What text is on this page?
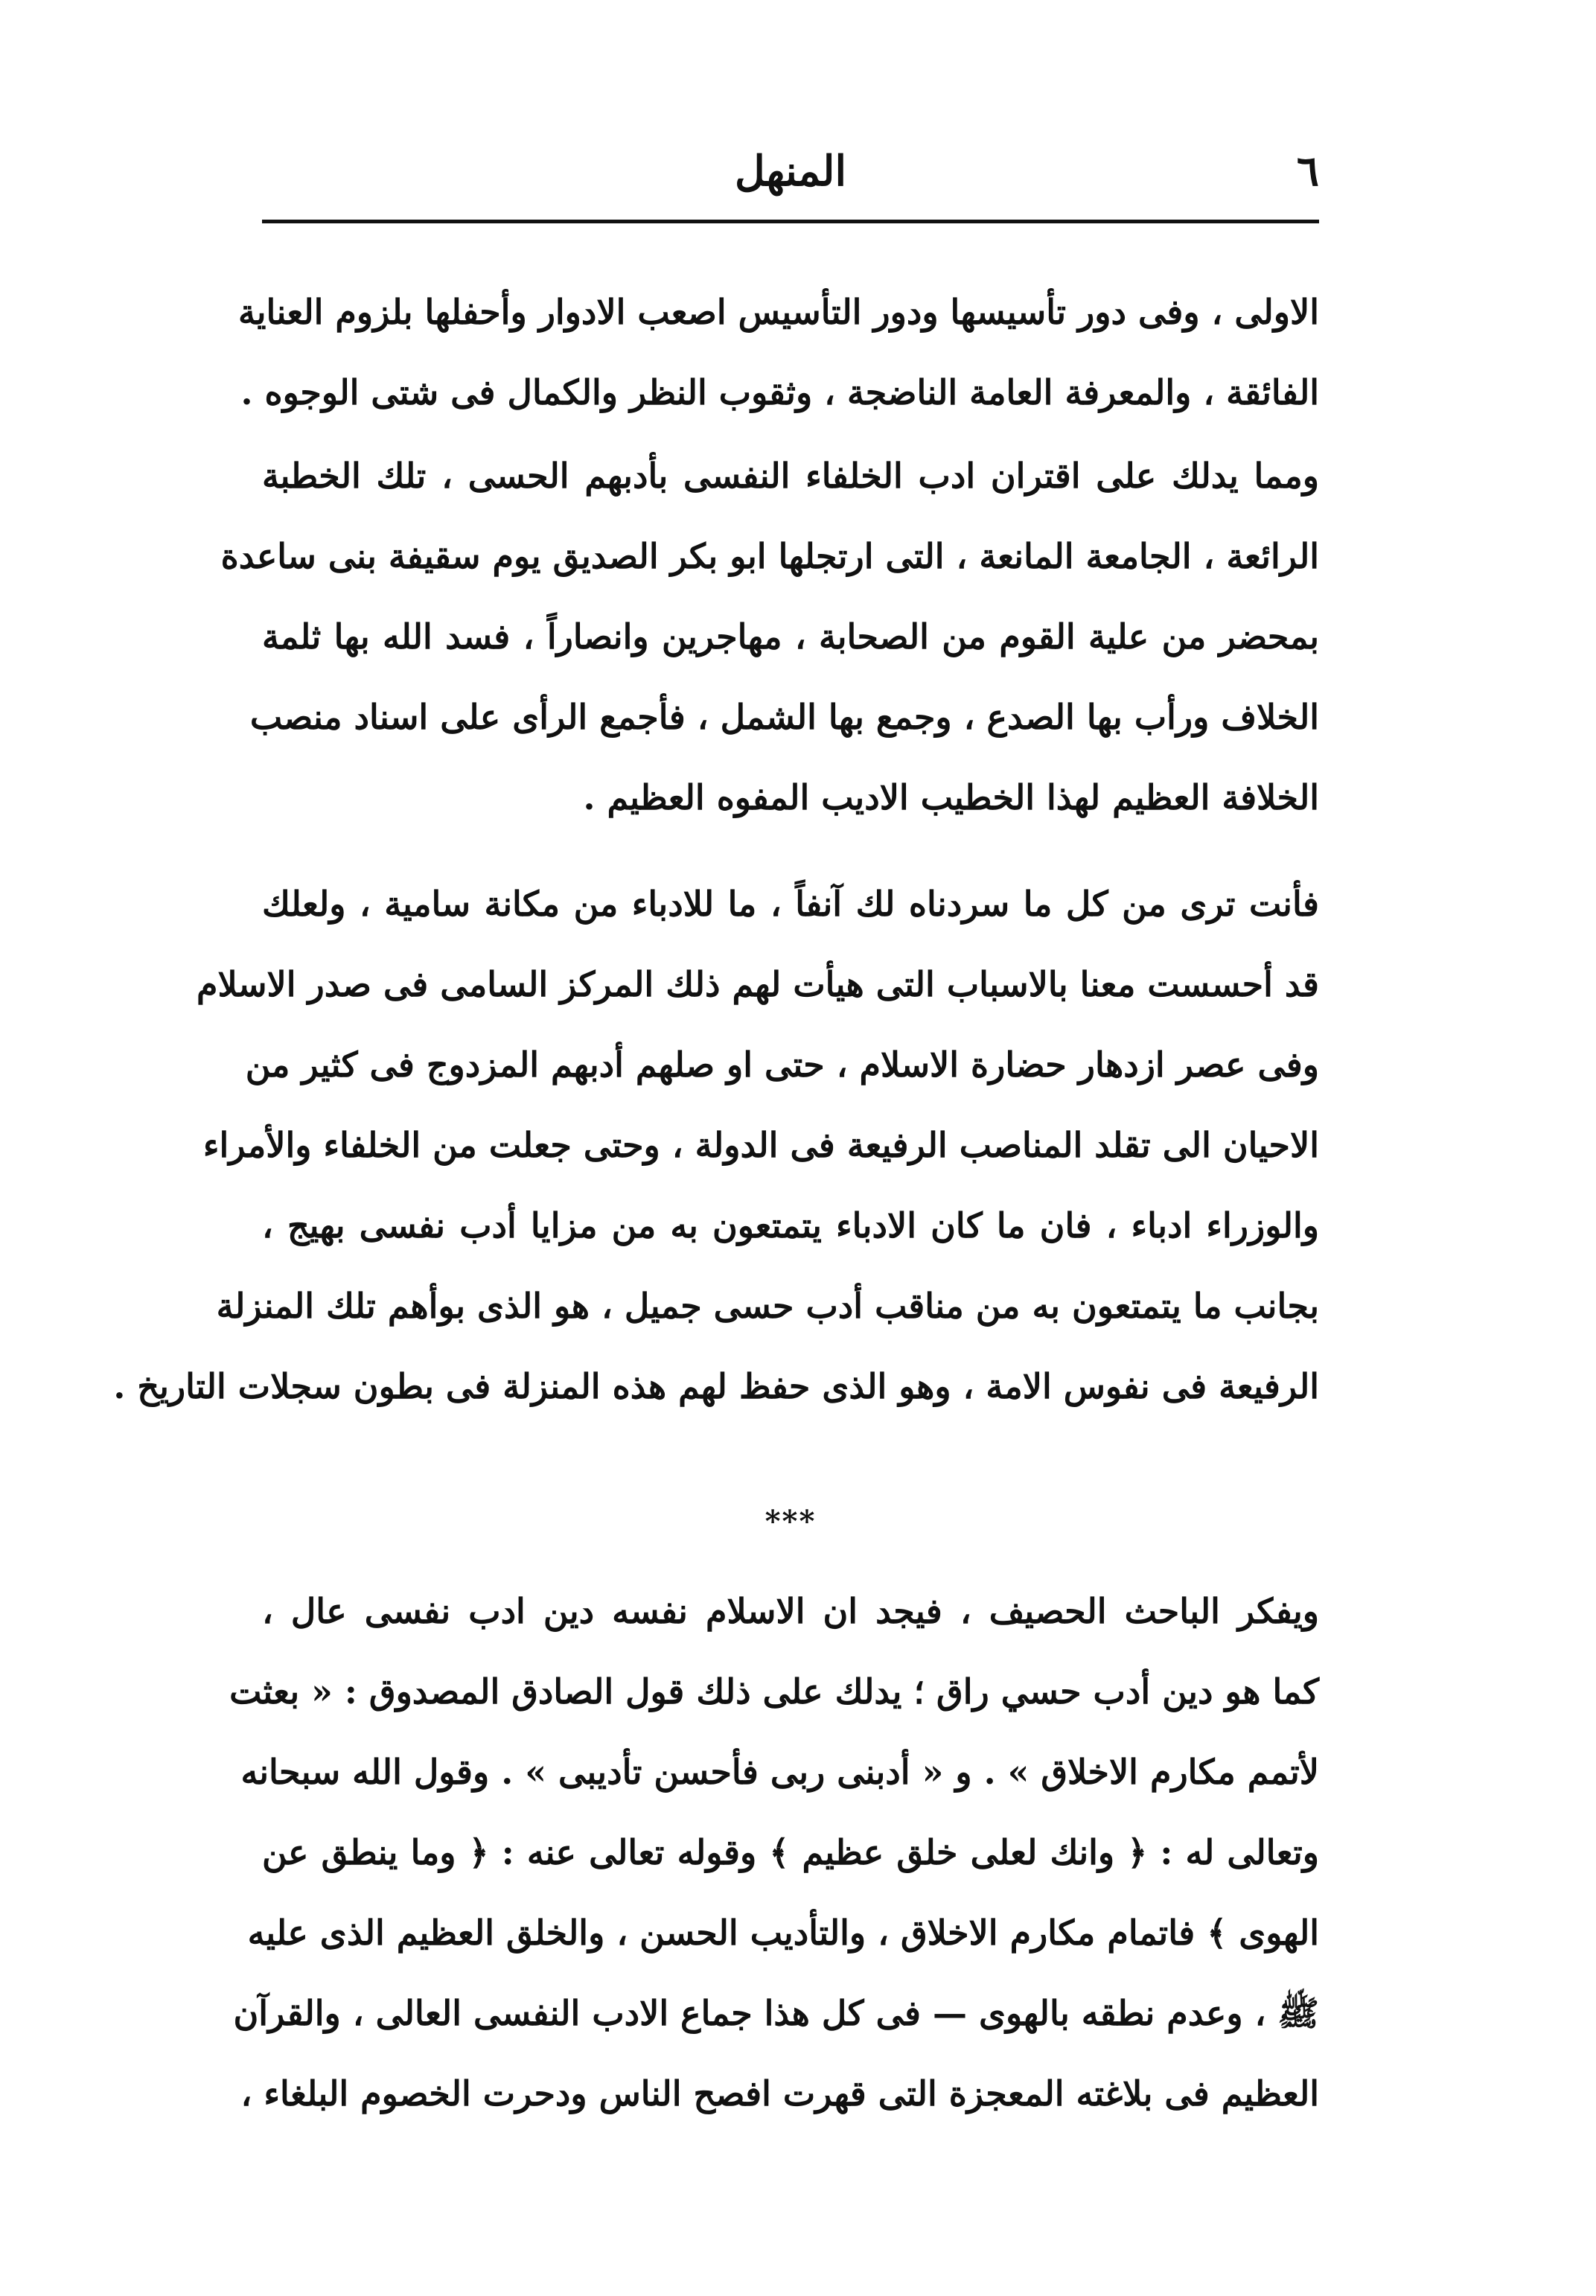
٦
المنهل
الاولى ، وفى دور تأسيسها ودور التأسيس اصعب الادوار وأحفلها بلزوم العناية
الفائقة ، والمعرفة العامة الناضجة ، وثقوب النظر والكمال فى شتى الوجوه .
ومما يدلك على اقتران ادب الخلفاء النفسى بأدبهم الحسى ، تلك الخطبة
الرائعة ، الجامعة المانعة ، التى ارتجلها ابو بكر الصديق يوم سقيفة بنى ساعدة
بمحضر من علية القوم من الصحابة ، مهاجرين وانصاراً ، فسد الله بها ثلمة
الخلاف ورأب بها الصدع ، وجمع بها الشمل ، فأجمع الرأى على اسناد منصب
الخلافة العظيم لهذا الخطيب الاديب المفوه العظيم .
فأنت ترى من كل ما سردناه لك آنفاً ، ما للادباء من مكانة سامية ، ولعلك
قد أحسست معنا بالاسباب التى هيأت لهم ذلك المركز السامى فى صدر الاسلام
وفى عصر ازدهار حضارة الاسلام ، حتى او صلهم أدبهم المزدوج فى كثير من
الاحيان الى تقلد المناصب الرفيعة فى الدولة ، وحتى جعلت من الخلفاء والأمراء
والوزراء ادباء ، فان ما كان الادباء يتمتعون به من مزايا أدب نفسى بهيج ،
بجانب ما يتمتعون به من مناقب أدب حسى جميل ، هو الذى بوأهم تلك المنزلة
الرفيعة فى نفوس الامة ، وهو الذى حفظ لهم هذه المنزلة فى بطون سجلات التاريخ .
***
ويفكر الباحث الحصيف ، فيجد ان الاسلام نفسه دين ادب نفسى عال ،
كما هو دين أدب حسي راق ؛ يدلك على ذلك قول الصادق المصدوق : « بعثت
لأتمم مكارم الاخلاق » . و « أدبنى ربى فأحسن تأديبى » . وقول الله سبحانه
وتعالى له : ﴿ وانك لعلى خلق عظيم ﴾ وقوله تعالى عنه : ﴿ وما ينطق عن
الهوى ﴾ فاتمام مكارم الاخلاق ، والتأديب الحسن ، والخلق العظيم الذى عليه
ﷺ ، وعدم نطقه بالهوى — فى كل هذا جماع الادب النفسى العالى ، والقرآن
العظيم فى بلاغته المعجزة التى قهرت افصح الناس ودحرت الخصوم البلغاء ،
